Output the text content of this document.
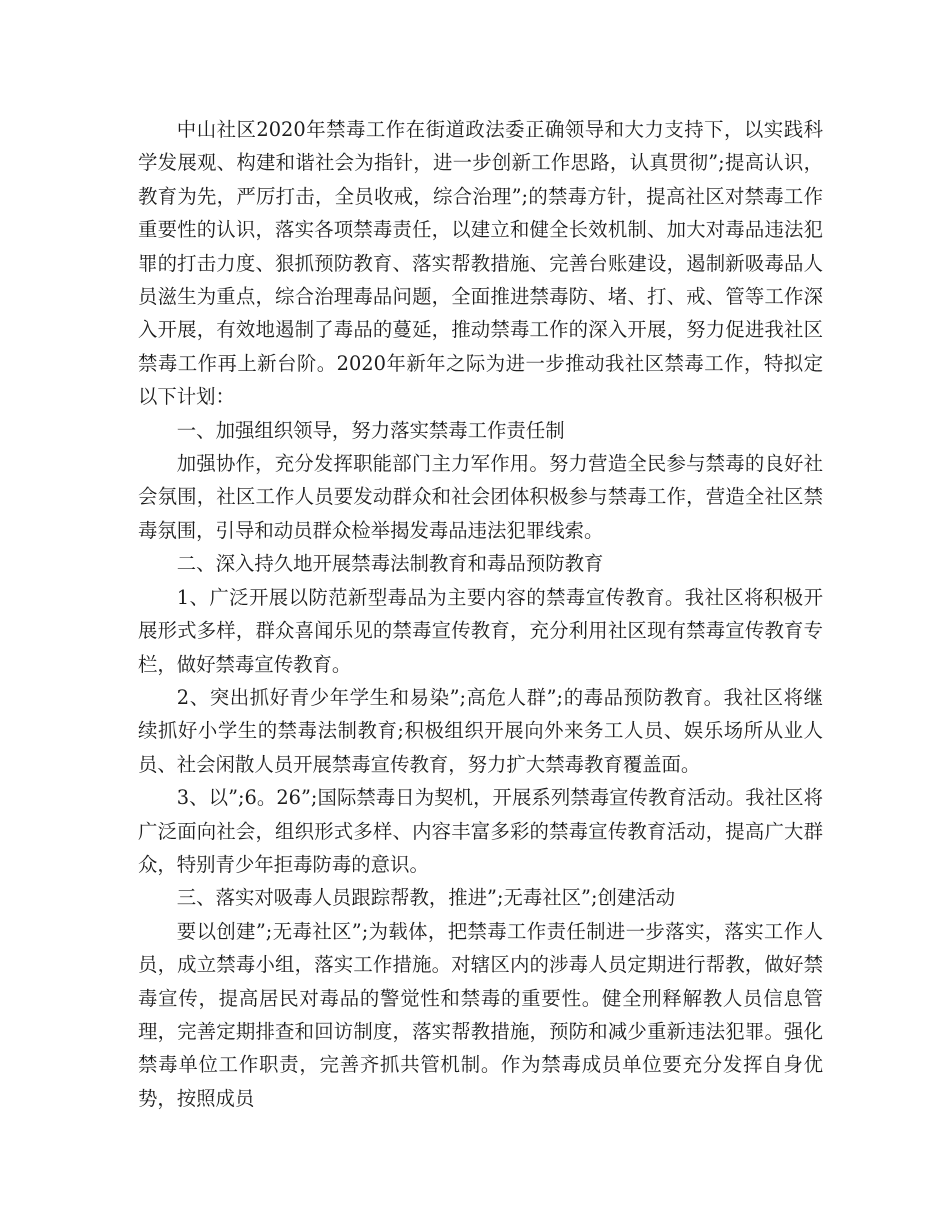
中山社区2020年禁毒工作在街道政法委正确领导和大力支持下，以实践科学发展观、构建和谐社会为指针，进一步创新工作思路，认真贯彻”;提高认识，教育为先，严厉打击，全员收戒，综合治理”;的禁毒方针，提高社区对禁毒工作重要性的认识，落实各项禁毒责任，以建立和健全长效机制、加大对毒品违法犯罪的打击力度、狠抓预防教育、落实帮教措施、完善台账建设，遏制新吸毒品人员滋生为重点，综合治理毒品问题，全面推进禁毒防、堵、打、戒、管等工作深入开展，有效地遏制了毒品的蔓延，推动禁毒工作的深入开展，努力促进我社区禁毒工作再上新台阶。2020年新年之际为进一步推动我社区禁毒工作，特拟定以下计划：

一、加强组织领导，努力落实禁毒工作责任制

加强协作，充分发挥职能部门主力军作用。努力营造全民参与禁毒的良好社会氛围，社区工作人员要发动群众和社会团体积极参与禁毒工作，营造全社区禁毒氛围，引导和动员群众检举揭发毒品违法犯罪线索。

二、深入持久地开展禁毒法制教育和毒品预防教育

1、广泛开展以防范新型毒品为主要内容的禁毒宣传教育。我社区将积极开展形式多样，群众喜闻乐见的禁毒宣传教育，充分利用社区现有禁毒宣传教育专栏，做好禁毒宣传教育。

2、突出抓好青少年学生和易染”;高危人群”;的毒品预防教育。我社区将继续抓好小学生的禁毒法制教育;积极组织开展向外来务工人员、娱乐场所从业人员、社会闲散人员开展禁毒宣传教育，努力扩大禁毒教育覆盖面。

3、以”;6。26”;国际禁毒日为契机，开展系列禁毒宣传教育活动。我社区将广泛面向社会，组织形式多样、内容丰富多彩的禁毒宣传教育活动，提高广大群众，特别青少年拒毒防毒的意识。

三、落实对吸毒人员跟踪帮教，推进”;无毒社区”;创建活动

要以创建”;无毒社区”;为载体，把禁毒工作责任制进一步落实，落实工作人员，成立禁毒小组，落实工作措施。对辖区内的涉毒人员定期进行帮教，做好禁毒宣传，提高居民对毒品的警觉性和禁毒的重要性。健全刑释解教人员信息管理，完善定期排查和回访制度，落实帮教措施，预防和减少重新违法犯罪。强化禁毒单位工作职责，完善齐抓共管机制。作为禁毒成员单位要充分发挥自身优势，按照成员
